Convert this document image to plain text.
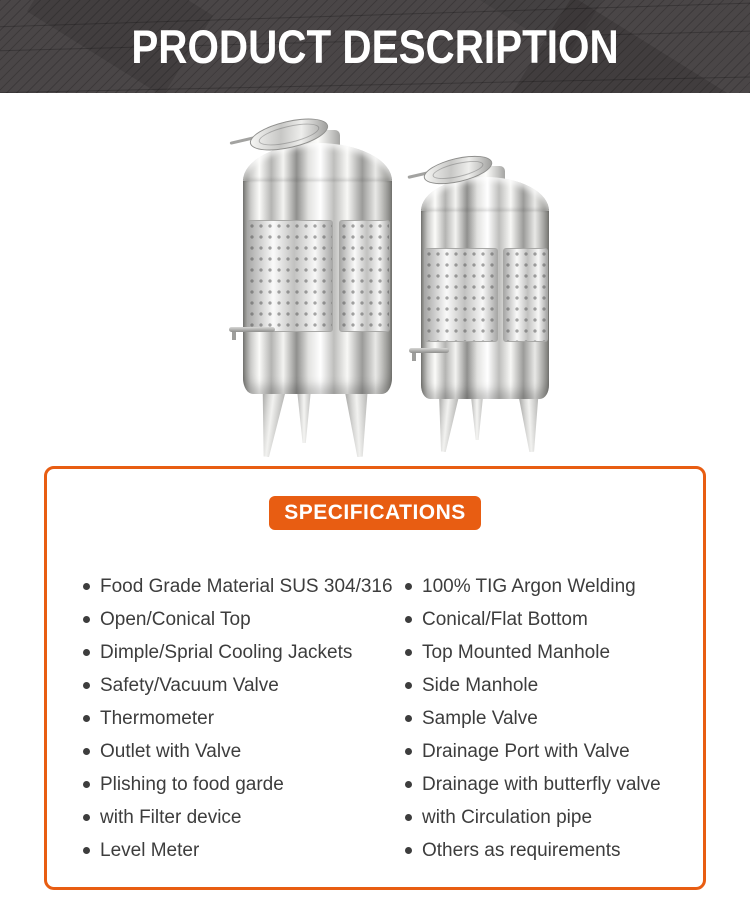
PRODUCT DESCRIPTION
SPECIFICATIONS
Food Grade Material SUS 304/316
Open/Conical Top
Dimple/Sprial Cooling Jackets
Safety/Vacuum Valve
Thermometer
Outlet with Valve
Plishing to food garde
with Filter device
Level Meter
100% TIG Argon Welding
Conical/Flat Bottom
Top Mounted Manhole
Side Manhole
Sample Valve
Drainage Port with Valve
Drainage with butterfly valve
with Circulation pipe
Others as requirements
